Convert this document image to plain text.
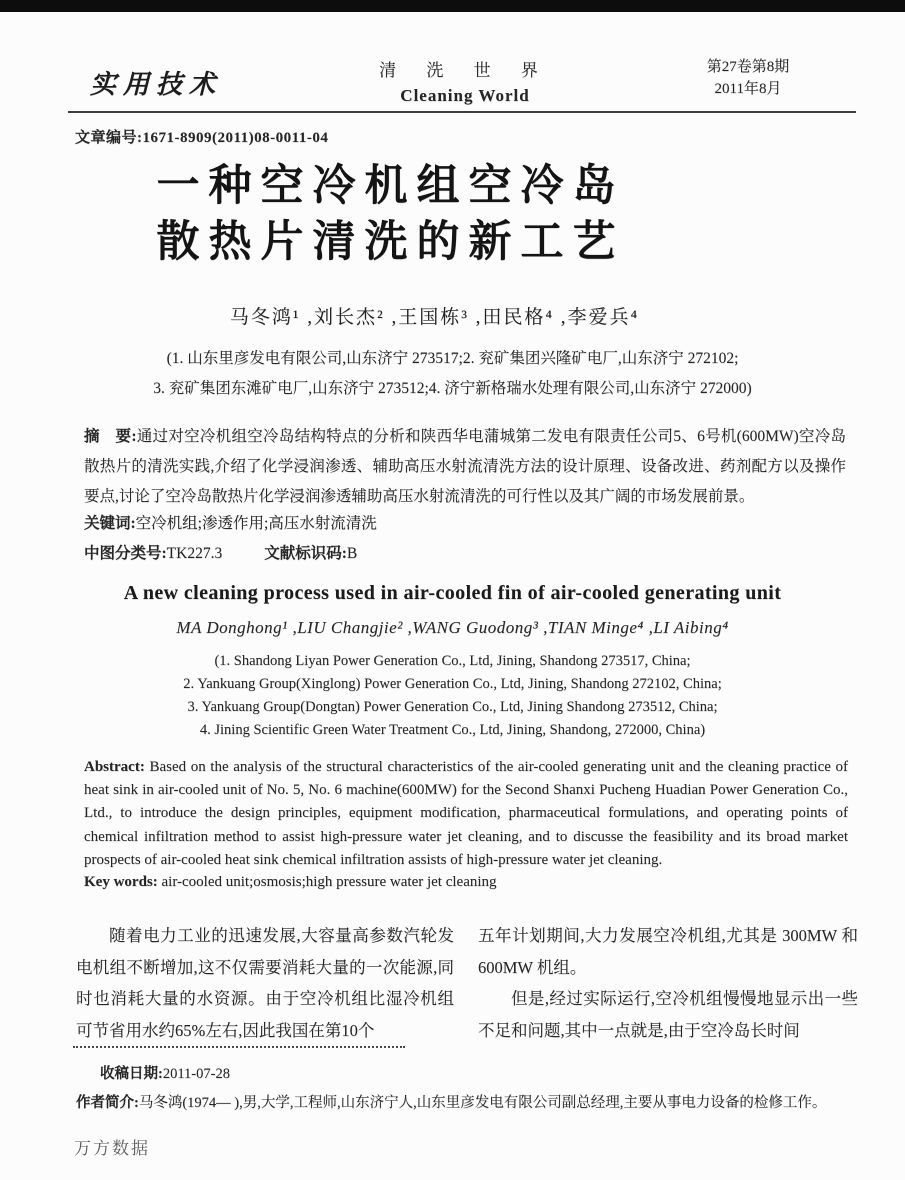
实用技术	清 洗 世 界
Cleaning World
第27卷第8期
2011年8月
文章编号:1671-8909(2011)08-0011-04
一种空冷机组空冷岛
散热片清洗的新工艺
马冬鸿¹ ,刘长杰² ,王国栋³ ,田民格⁴ ,李爱兵⁴
(1. 山东里彦发电有限公司,山东济宁 273517;2. 兖矿集团兴隆矿电厂,山东济宁 272102;
3. 兖矿集团东滩矿电厂,山东济宁 273512;4. 济宁新格瑞水处理有限公司,山东济宁 272000)

摘　要:通过对空冷机组空冷岛结构特点的分析和陕西华电蒲城第二发电有限责任公司5、6号机(600MW)空冷岛散热片的清洗实践,介绍了化学浸润渗透、辅助高压水射流清洗方法的设计原理、设备改进、药剂配方以及操作要点,讨论了空冷岛散热片化学浸润渗透辅助高压水射流清洗的可行性以及其广阔的市场发展前景。

关键词:空冷机组;渗透作用;高压水射流清洗
中图分类号:TK227.3	文献标识码:B
A new cleaning process used in air-cooled fin of air-cooled generating unit
MA Donghong¹ ,LIU Changjie² ,WANG Guodong³ ,TIAN Minge⁴ ,LI Aibing⁴
(1. Shandong Liyan Power Generation Co., Ltd, Jining, Shandong 273517, China;
2. Yankuang Group(Xinglong) Power Generation Co., Ltd, Jining, Shandong 272102, China;
3. Yankuang Group(Dongtan) Power Generation Co., Ltd, Jining Shandong 273512, China;
4. Jining Scientific Green Water Treatment Co., Ltd, Jining, Shandong, 272000, China)

Abstract: Based on the analysis of the structural characteristics of the air-cooled generating unit and the cleaning practice of heat sink in air-cooled unit of No. 5, No. 6 machine(600MW) for the Second Shanxi Pucheng Huadian Power Generation Co., Ltd., to introduce the design principles, equipment modification, pharmaceutical formulations, and operating points of chemical infiltration method to assist high-pressure water jet cleaning, and to discusse the feasibility and its broad market prospects of air-cooled heat sink chemical infiltration assists of high-pressure water jet cleaning.

Key words: air-cooled unit;osmosis;high pressure water jet cleaning

随着电力工业的迅速发展,大容量高参数汽轮发电机组不断增加,这不仅需要消耗大量的一次能源,同时也消耗大量的水资源。由于空冷机组比湿冷机组可节省用水约65%左右,因此我国在第10个

五年计划期间,大力发展空冷机组,尤其是 300MW 和 600MW 机组。

但是,经过实际运行,空冷机组慢慢地显示出一些不足和问题,其中一点就是,由于空冷岛长时间

收稿日期:2011-07-28
作者简介:马冬鸿(1974— ),男,大学,工程师,山东济宁人,山东里彦发电有限公司副总经理,主要从事电力设备的检修工作。
万方数据
